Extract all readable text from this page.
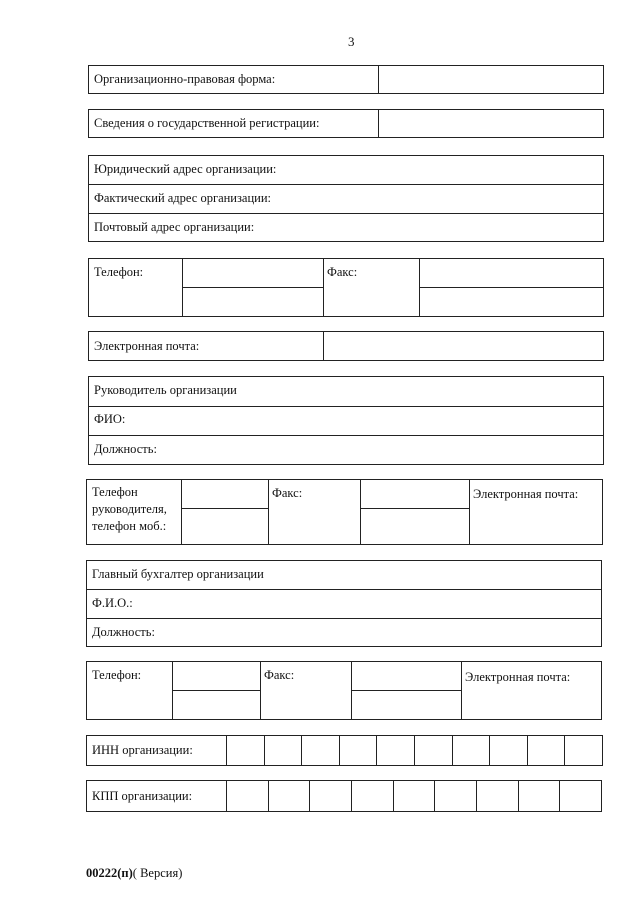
3
Организационно-правовая форма:
Сведения о государственной регистрации:
Юридический адрес организации:
Фактический адрес организации:
Почтовый адрес организации:
Телефон:	Факс:
Электронная почта:
Руководитель организации
ФИО:
Должность:
Телефон
руководителя,
телефон моб.:
Факс:	Электронная почта:
Главный бухгалтер организации
Ф.И.О.:
Должность:
Телефон:	Факс:	Электронная почта:
ИНН организации:
КПП организации:
00222(п)( Версия)
